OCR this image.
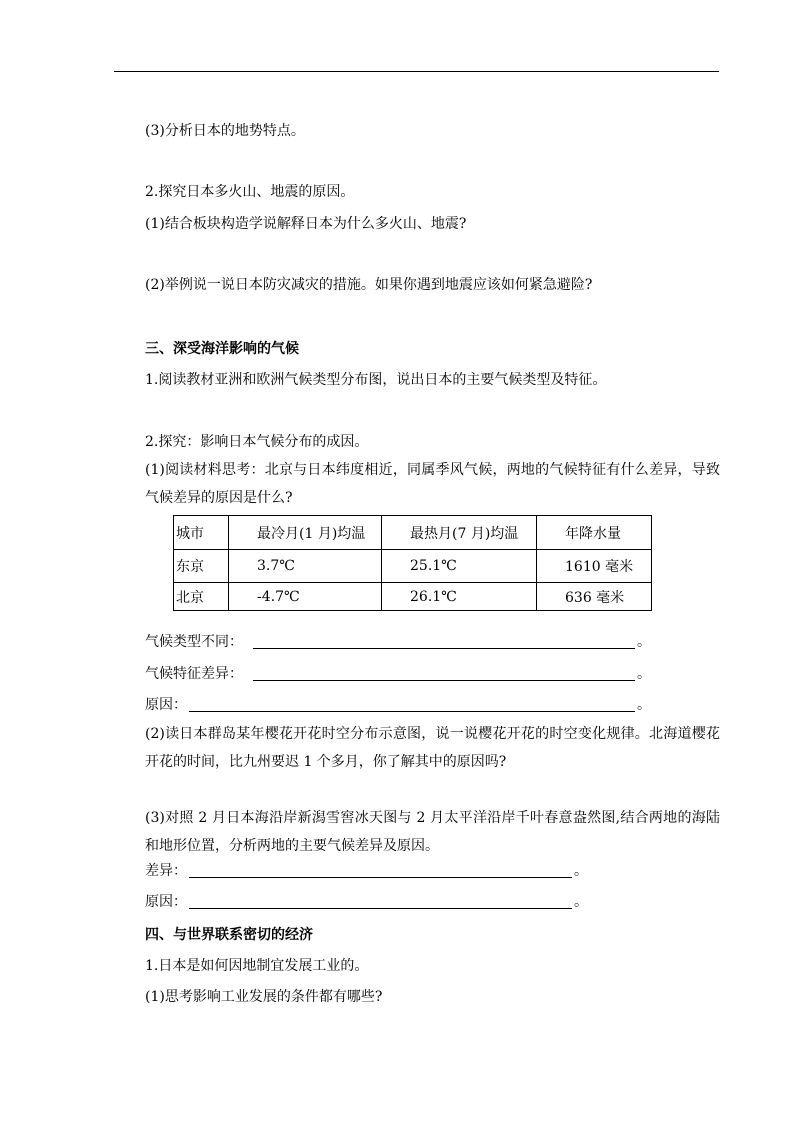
(3)分析日本的地势特点。
2.探究日本多火山、地震的原因。
(1)结合板块构造学说解释日本为什么多火山、地震?
(2)举例说一说日本防灾减灾的措施。如果你遇到地震应该如何紧急避险?
三、深受海洋影响的气候
1.阅读教材亚洲和欧洲气候类型分布图，说出日本的主要气候类型及特征。
2.探究：影响日本气候分布的成因。
(1)阅读材料思考：北京与日本纬度相近，同属季风气候，两地的气候特征有什么差异，导致气候差异的原因是什么?
城市	最冷月(1 月)均温	最热月(7 月)均温	年降水量
东京	3.7℃	25.1℃	1610 毫米
北京	-4.7℃	26.1℃	636 毫米
气候类型不同：	。
气候特征差异：	。
原因：	。
(2)读日本群岛某年樱花开花时空分布示意图，说一说樱花开花的时空变化规律。北海道樱花开花的时间，比九州要迟 1 个多月，你了解其中的原因吗?
(3)对照 2 月日本海沿岸新潟雪窖冰天图与 2 月太平洋沿岸千叶春意盎然图,结合两地的海陆和地形位置，分析两地的主要气候差异及原因。
差异：	。
原因：	。
四、与世界联系密切的经济
1.日本是如何因地制宜发展工业的。
(1)思考影响工业发展的条件都有哪些?
